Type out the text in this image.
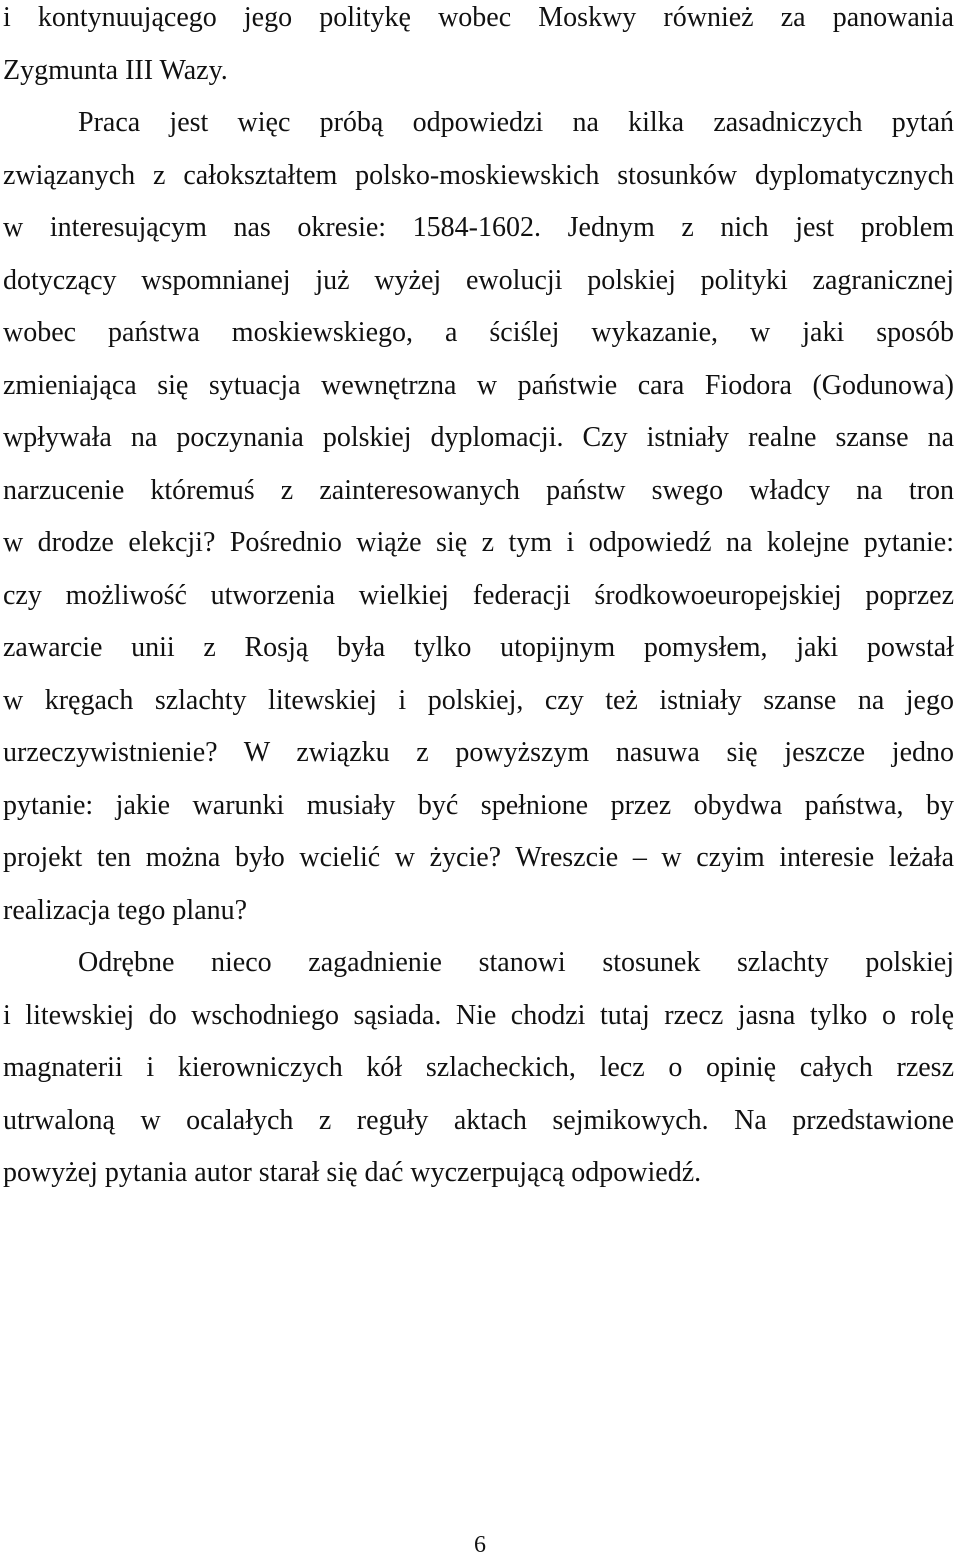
i kontynuującego jego politykę wobec Moskwy również za panowania
Zygmunta III Wazy.
Praca jest więc próbą odpowiedzi na kilka zasadniczych pytań
związanych z całokształtem polsko-moskiewskich stosunków dyplomatycznych
w interesującym nas okresie: 1584-1602. Jednym z nich jest problem
dotyczący wspomnianej już wyżej ewolucji polskiej polityki zagranicznej
wobec państwa moskiewskiego, a ściślej wykazanie, w jaki sposób
zmieniająca się sytuacja wewnętrzna w państwie cara Fiodora (Godunowa)
wpływała na poczynania polskiej dyplomacji. Czy istniały realne szanse na
narzucenie któremuś z zainteresowanych państw swego władcy na tron
w drodze elekcji? Pośrednio wiąże się z tym i odpowiedź na kolejne pytanie:
czy możliwość utworzenia wielkiej federacji środkowoeuropejskiej poprzez
zawarcie unii z Rosją była tylko utopijnym pomysłem, jaki powstał
w kręgach szlachty litewskiej i polskiej, czy też istniały szanse na jego
urzeczywistnienie? W związku z powyższym nasuwa się jeszcze jedno
pytanie: jakie warunki musiały być spełnione przez obydwa państwa, by
projekt ten można było wcielić w życie? Wreszcie – w czyim interesie leżała
realizacja tego planu?
Odrębne nieco zagadnienie stanowi stosunek szlachty polskiej
i litewskiej do wschodniego sąsiada. Nie chodzi tutaj rzecz jasna tylko o rolę
magnaterii i kierowniczych kół szlacheckich, lecz o opinię całych rzesz
utrwaloną w ocalałych z reguły aktach sejmikowych. Na przedstawione
powyżej pytania autor starał się dać wyczerpującą odpowiedź.
6
